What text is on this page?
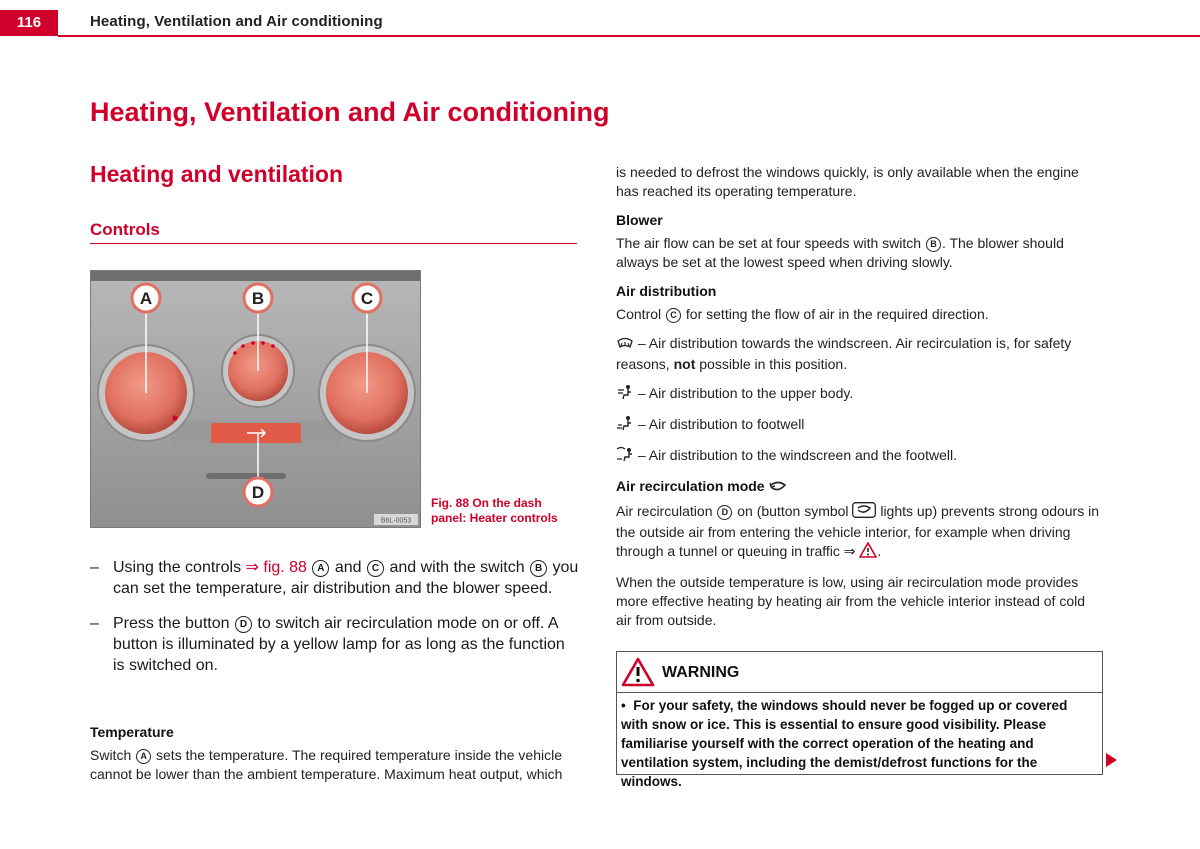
116	Heating, Ventilation and Air conditioning
Heating, Ventilation and Air conditioning
Heating and ventilation
Controls
A	B	C
D
B6L-0053
Fig. 88 On the dash
panel: Heater controls
– Using the controls ⇒ fig. 88 A and C and with the switch B you can set the temperature, air distribution and the blower speed.
– Press the button D to switch air recirculation mode on or off. A button is illuminated by a yellow lamp for as long as the function is switched on.
Temperature
Switch A sets the temperature. The required temperature inside the vehicle cannot be lower than the ambient temperature. Maximum heat output, which

is needed to defrost the windows quickly, is only available when the engine has reached its operating temperature.

Blower

The air flow can be set at four speeds with switch B . The blower should always be set at the lowest speed when driving slowly.

Air distribution

Control C for setting the flow of air in the required direction.

– Air distribution towards the windscreen. Air recirculation is, for safety reasons, not possible in this position.

– Air distribution to the upper body.

– Air distribution to footwell

– Air distribution to the windscreen and the footwell.

Air recirculation mode

Air recirculation D on (button symbol  lights up) prevents strong odours in the outside air from entering the vehicle interior, for example when driving through a tunnel or queuing in traffic ⇒ .

When the outside temperature is low, using air recirculation mode provides more effective heating by heating air from the vehicle interior instead of cold air from outside.

WARNING
• For your safety, the windows should never be fogged up or covered with snow or ice. This is essential to ensure good visibility. Please familiarise yourself with the correct operation of the heating and ventilation system, including the demist/defrost functions for the windows.
